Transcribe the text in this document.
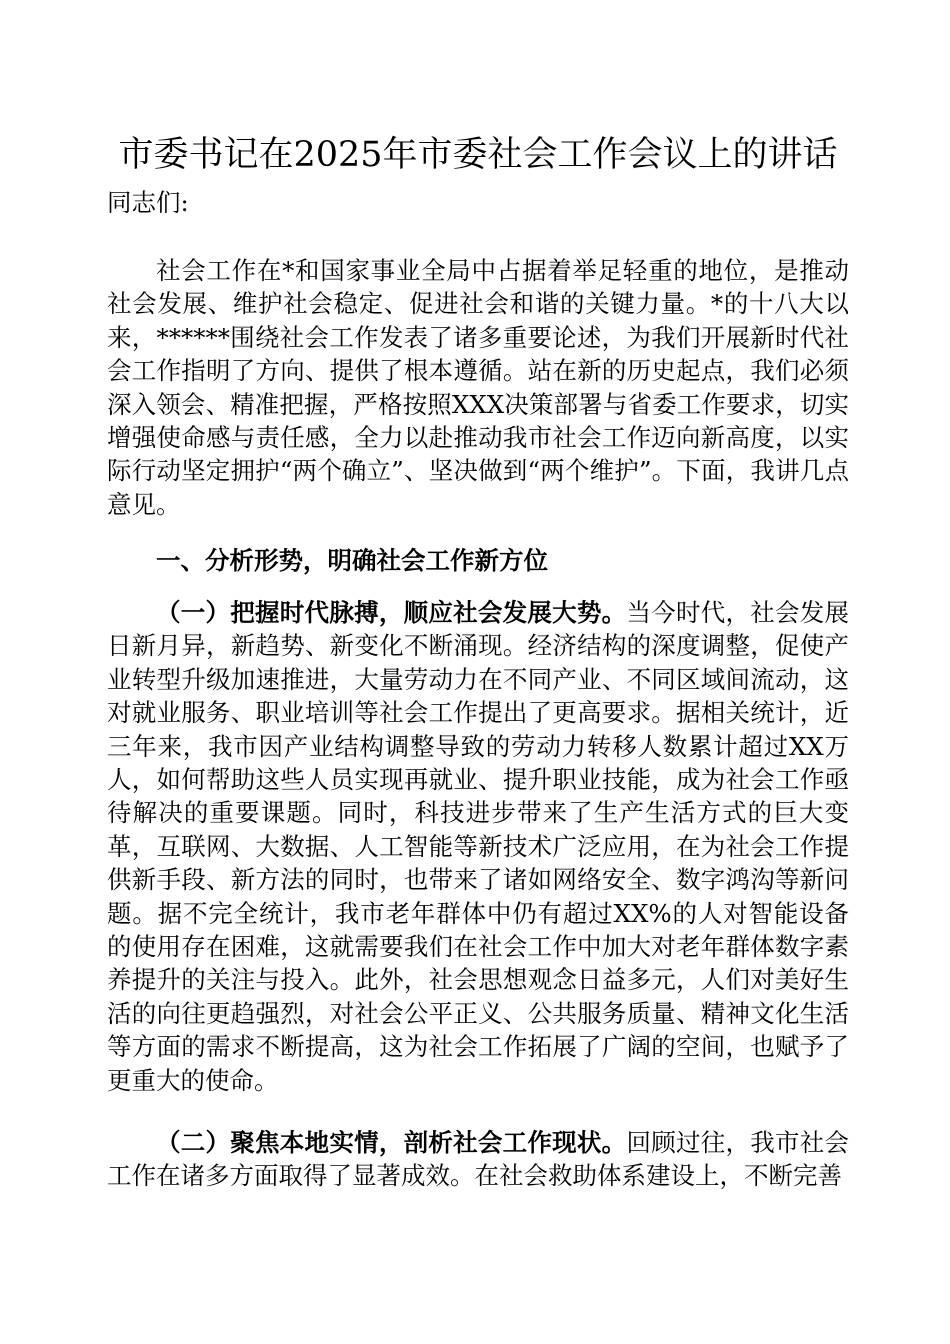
市委书记在2025年市委社会工作会议上的讲话

同志们:

社会工作在*和国家事业全局中占据着举足轻重的地位，是推动社会发展、维护社会稳定、促进社会和谐的关键力量。*的十八大以来，******围绕社会工作发表了诸多重要论述，为我们开展新时代社会工作指明了方向、提供了根本遵循。站在新的历史起点，我们必须深入领会、精准把握，严格按照XXX决策部署与省委工作要求，切实增强使命感与责任感，全力以赴推动我市社会工作迈向新高度，以实际行动坚定拥护“两个确立”、坚决做到“两个维护”。下面，我讲几点意见。

一、分析形势，明确社会工作新方位

（一）把握时代脉搏，顺应社会发展大势。当今时代，社会发展日新月异，新趋势、新变化不断涌现。经济结构的深度调整，促使产业转型升级加速推进，大量劳动力在不同产业、不同区域间流动，这对就业服务、职业培训等社会工作提出了更高要求。据相关统计，近三年来，我市因产业结构调整导致的劳动力转移人数累计超过XX万人，如何帮助这些人员实现再就业、提升职业技能，成为社会工作亟待解决的重要课题。同时，科技进步带来了生产生活方式的巨大变革，互联网、大数据、人工智能等新技术广泛应用，在为社会工作提供新手段、新方法的同时，也带来了诸如网络安全、数字鸿沟等新问题。据不完全统计，我市老年群体中仍有超过XX%的人对智能设备的使用存在困难，这就需要我们在社会工作中加大对老年群体数字素养提升的关注与投入。此外，社会思想观念日益多元，人们对美好生活的向往更趋强烈，对社会公平正义、公共服务质量、精神文化生活等方面的需求不断提高，这为社会工作拓展了广阔的空间，也赋予了更重大的使命。

（二）聚焦本地实情，剖析社会工作现状。回顾过往，我市社会工作在诸多方面取得了显著成效。在社会救助体系建设上，不断完善
